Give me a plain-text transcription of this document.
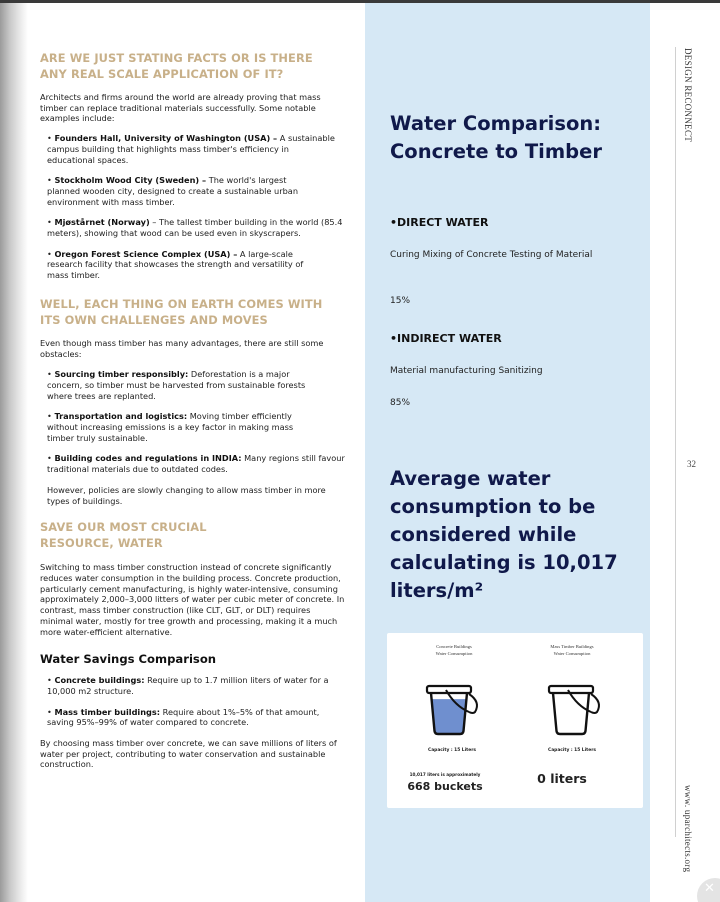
ARE WE JUST STATING FACTS OR IS THERE ANY REAL SCALE APPLICATION OF IT?
Architects and firms around the world are already proving that mass timber can replace traditional materials successfully. Some notable examples include:
• Founders Hall, University of Washington (USA) – A sustainable campus building that highlights mass timber's efficiency in educational spaces.
• Stockholm Wood City (Sweden) – The world's largest planned wooden city, designed to create a sustainable urban environment with mass timber.
• Mjøstårnet (Norway) – The tallest timber building in the world (85.4 meters), showing that wood can be used even in skyscrapers.
• Oregon Forest Science Complex (USA) – A large-scale research facility that showcases the strength and versatility of mass timber.
WELL, EACH THING ON EARTH COMES WITH ITS OWN CHALLENGES AND MOVES
Even though mass timber has many advantages, there are still some obstacles:
• Sourcing timber responsibly: Deforestation is a major concern, so timber must be harvested from sustainable forests where trees are replanted.
• Transportation and logistics: Moving timber efficiently without increasing emissions is a key factor in making mass timber truly sustainable.
• Building codes and regulations in INDIA: Many regions still favour traditional materials due to outdated codes.
However, policies are slowly changing to allow mass timber in more types of buildings.
SAVE OUR MOST CRUCIAL RESOURCE, WATER
Switching to mass timber construction instead of concrete significantly reduces water consumption in the building process. Concrete production, particularly cement manufacturing, is highly water-intensive, consuming approximately 2,000–3,000 litters of water per cubic meter of concrete. In contrast, mass timber construction (like CLT, GLT, or DLT) requires minimal water, mostly for tree growth and processing, making it a much more water-efficient alternative.
Water Savings Comparison
• Concrete buildings: Require up to 1.7 million liters of water for a 10,000 m2 structure.
• Mass timber buildings: Require about 1%–5% of that amount, saving 95%–99% of water compared to concrete.
By choosing mass timber over concrete, we can save millions of liters of water per project, contributing to water conservation and sustainable construction.
Water Comparison: Concrete to Timber
•DIRECT WATER
Curing Mixing of Concrete Testing of Material
15%
•INDIRECT WATER
Material manufacturing Sanitizing
85%
Average water consumption to be considered while calculating is 10,017 liters/m²
Concrete Buildings
Water Consumption
Mass Timber Buildings
Water Consumption
Capacity : 15 Liters	Capacity : 15 Liters
10,017 liters is approximately
668 buckets
0 liters
DESIGN RECONNECT
32
www. uparchitects.org
✕
